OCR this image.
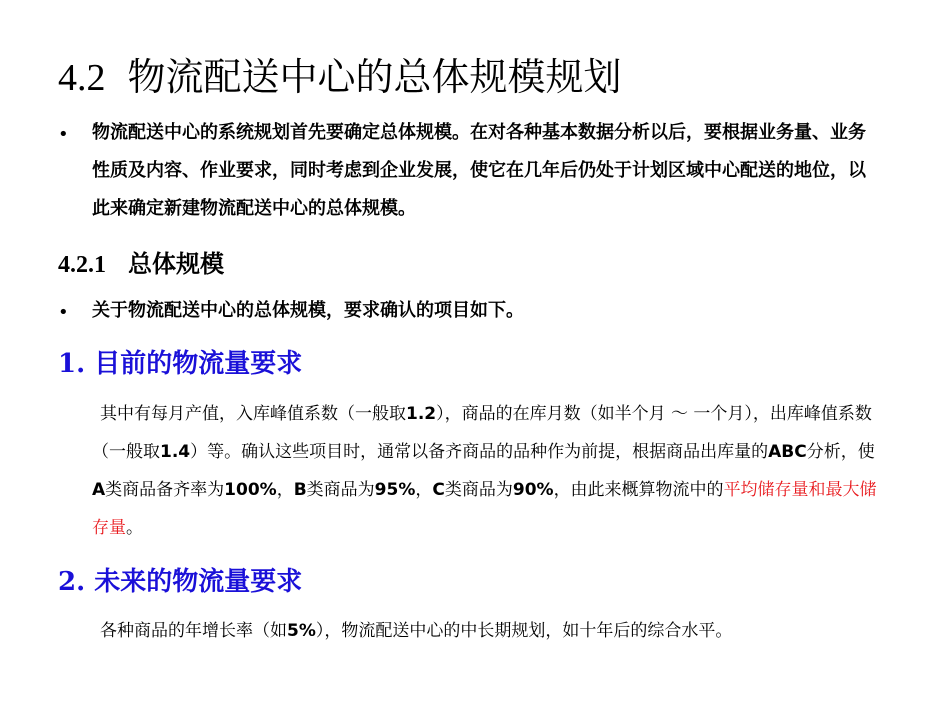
4.2 物流配送中心的总体规模规划
• 物流配送中心的系统规划首先要确定总体规模。在对各种基本数据分析以后，要根据业务量、业务性质及内容、作业要求，同时考虑到企业发展，使它在几年后仍处于计划区域中心配送的地位，以此来确定新建物流配送中心的总体规模。
4.2.1 总体规模
• 关于物流配送中心的总体规模，要求确认的项目如下。
1. 目前的物流量要求
其中有每月产值，入库峰值系数（一般取1.2），商品的在库月数（如半个月 ～ 一个月），出库峰值系数（一般取1.4）等。确认这些项目时，通常以备齐商品的品种作为前提，根据商品出库量的ABC分析，使A类商品备齐率为100%，B类商品为95%，C类商品为90%，由此来概算物流中的平均储存量和最大储存量。
2. 未来的物流量要求
各种商品的年增长率（如5%），物流配送中心的中长期规划，如十年后的综合水平。
